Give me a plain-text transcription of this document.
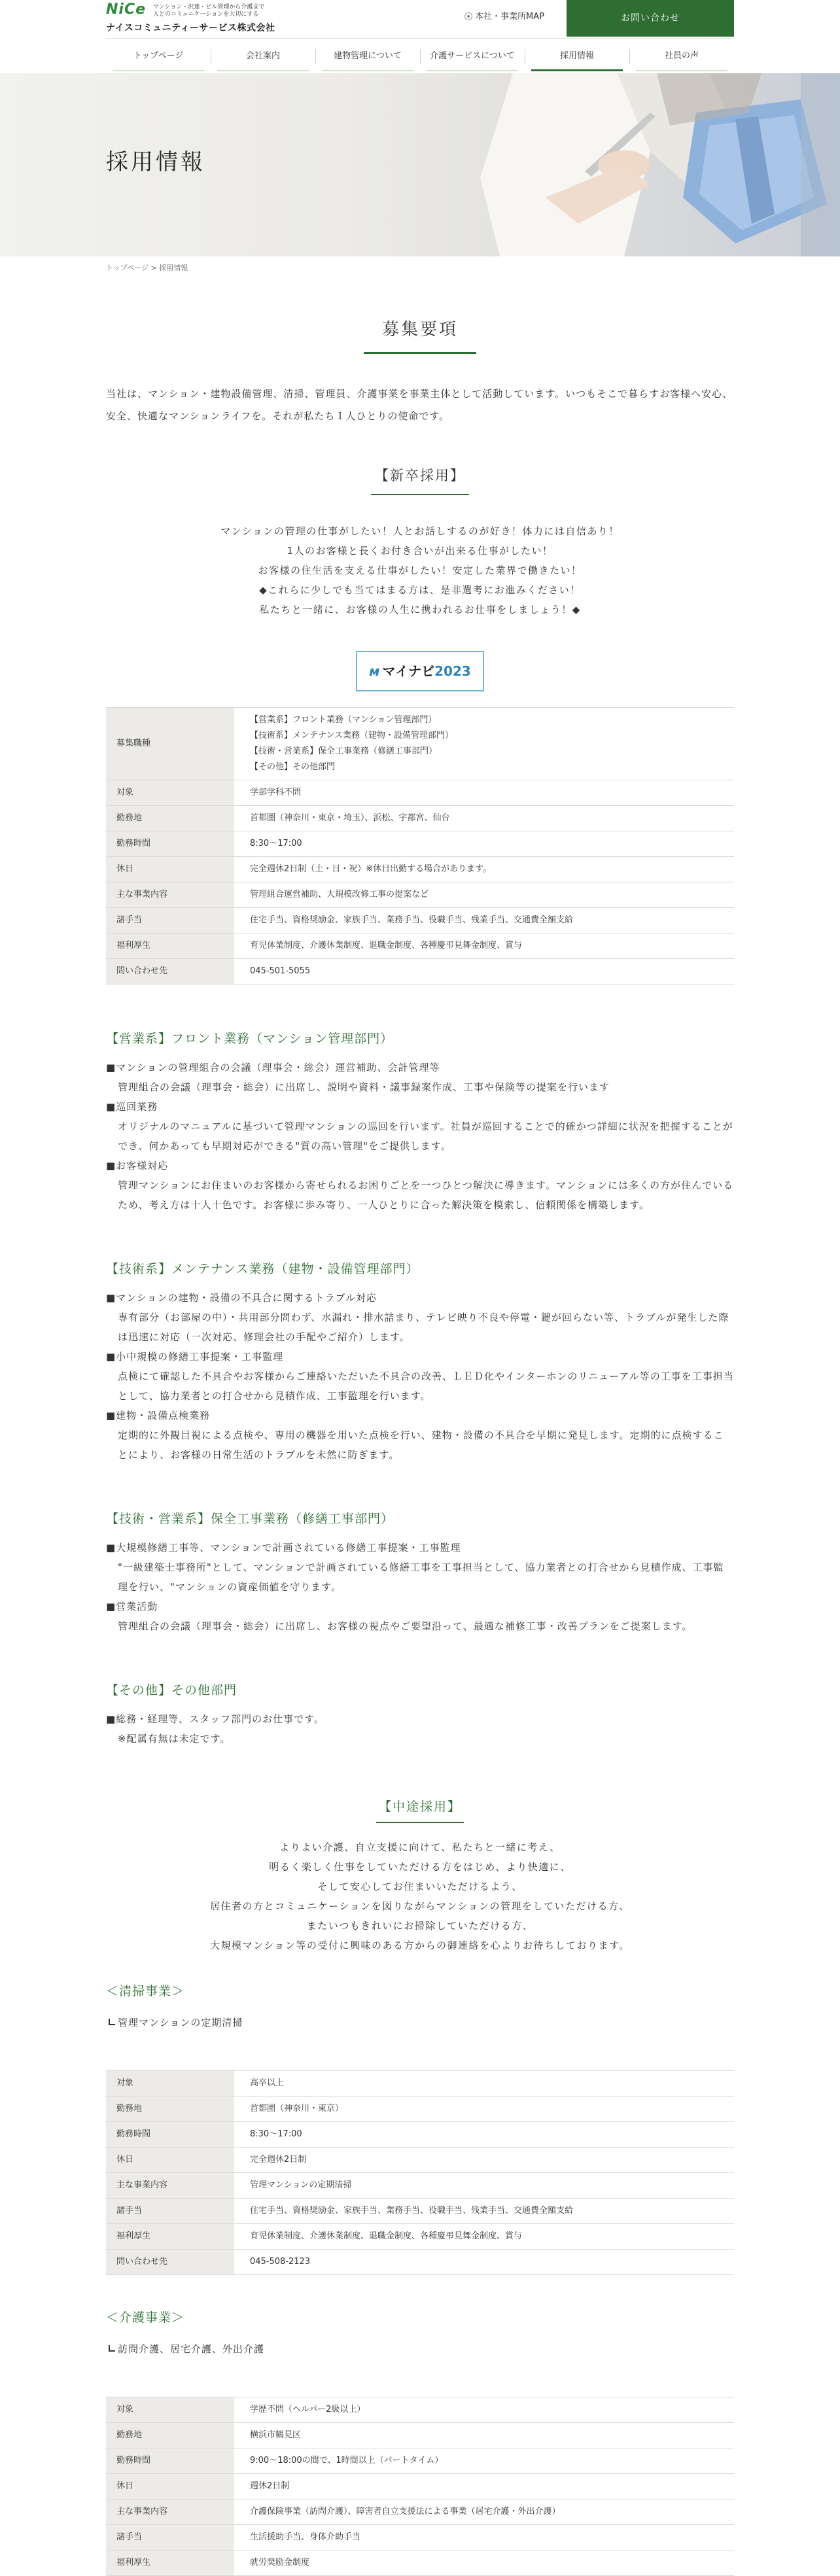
NiCe マンション・沢達・ビル管理から介護まで
人とのコミュニケーションを大切にする
ナイスコミュニティーサービス株式会社
本社・事業所MAP	お問い合わせ
トップページ	会社案内	建物管理について	介護サービスについて	採用情報	社員の声
採用情報
トップページ > 採用情報
募集要項

当社は、マンション・建物設備管理、清掃、管理員、介護事業を事業主体として活動しています。いつもそこで暮らすお客様へ安心、安全、快適なマンションライフを。それが私たち１人ひとりの使命です。

【新卒採用】
マンションの管理の仕事がしたい！人とお話しするのが好き！体力には自信あり！
1人のお客様と長くお付き合いが出来る仕事がしたい！
お客様の住生活を支える仕事がしたい！安定した業界で働きたい！
◆これらに少しでも当てはまる方は、是非選考にお進みください！
私たちと一緒に、お客様の人生に携われるお仕事をしましょう！◆
ᴍ マイナビ2023
募集職種	【営業系】フロント業務（マンション管理部門）
【技術系】メンテナンス業務（建物・設備管理部門）
【技術・営業系】保全工事業務（修繕工事部門）
【その他】その他部門

対象	学部学科不問

勤務地	首都圏（神奈川・東京・埼玉）、浜松、宇都宮、仙台

勤務時間	8:30〜17:00

休日	完全週休2日制（土・日・祝）※休日出勤する場合があります。

主な事業内容	管理組合運営補助、大規模改修工事の提案など

諸手当	住宅手当、資格奨励金、家族手当、業務手当、役職手当、残業手当、交通費全額支給

福利厚生	育児休業制度、介護休業制度、退職金制度、各種慶弔見舞金制度、賞与

問い合わせ先	045-501-5055
【営業系】フロント業務（マンション管理部門）
■マンションの管理組合の会議（理事会・総会）運営補助、会計管理等
管理組合の会議（理事会・総会）に出席し、説明や資料・議事録案作成、工事や保険等の提案を行います
■巡回業務
オリジナルのマニュアルに基づいて管理マンションの巡回を行います。社員が巡回することで的確かつ詳細に状況を把握することができ、何かあっても早期対応ができる"質の高い管理"をご提供します。
■お客様対応
管理マンションにお住まいのお客様から寄せられるお困りごとを一つひとつ解決に導きます。マンションには多くの方が住んでいるため、考え方は十人十色です。お客様に歩み寄り、一人ひとりに合った解決策を模索し、信頼関係を構築します。
【技術系】メンテナンス業務（建物・設備管理部門）
■マンションの建物・設備の不具合に関するトラブル対応
専有部分（お部屋の中）・共用部分問わず、水漏れ・排水詰まり、テレビ映り不良や停電・鍵が回らない等、トラブルが発生した際は迅速に対応（一次対応、修理会社の手配やご紹介）します。
■小中規模の修繕工事提案・工事監理
点検にて確認した不具合やお客様からご連絡いただいた不具合の改善、ＬＥＤ化やインターホンのリニューアル等の工事を工事担当として、協力業者との打合せから見積作成、工事監理を行います。
■建物・設備点検業務
定期的に外観目視による点検や、専用の機器を用いた点検を行い、建物・設備の不具合を早期に発見します。定期的に点検することにより、お客様の日常生活のトラブルを未然に防ぎます。
【技術・営業系】保全工事業務（修繕工事部門）
■大規模修繕工事等、マンションで計画されている修繕工事提案・工事監理
"一級建築士事務所"として、マンションで計画されている修繕工事を工事担当として、協力業者との打合せから見積作成、工事監理を行い、"マンションの資産価値を守ります。
■営業活動
管理組合の会議（理事会・総会）に出席し、お客様の視点やご要望沿って、最適な補修工事・改善プランをご提案します。
【その他】その他部門
■総務・経理等、スタッフ部門のお仕事です。
※配属有無は未定です。
【中途採用】
よりよい介護、自立支援に向けて、私たちと一緒に考え、
明るく楽しく仕事をしていただける方をはじめ、より快適に、
そして安心してお住まいいただけるよう、
居住者の方とコミュニケーションを図りながらマンションの管理をしていただける方、
またいつもきれいにお掃除していただける方、
大規模マンション等の受付に興味のある方からの御連絡を心よりお待ちしております。
＜清掃事業＞
管理マンションの定期清掃
対象	高卒以上

勤務地	首都圏（神奈川・東京）

勤務時間	8:30〜17:00

休日	完全週休2日制

主な事業内容	管理マンションの定期清掃

諸手当	住宅手当、資格奨励金、家族手当、業務手当、役職手当、残業手当、交通費全額支給

福利厚生	育児休業制度、介護休業制度、退職金制度、各種慶弔見舞金制度、賞与

問い合わせ先	045-508-2123
＜介護事業＞
訪問介護、居宅介護、外出介護
対象	学歴不問（ヘルパー2級以上）

勤務地	横浜市鶴見区

勤務時間	9:00〜18:00の間で、1時間以上（パートタイム）

休日	週休2日制

主な事業内容	介護保険事業（訪問介護）、障害者自立支援法による事業（居宅介護・外出介護）

諸手当	生活援助手当、身体介助手当

福利厚生	就労奨励金制度
